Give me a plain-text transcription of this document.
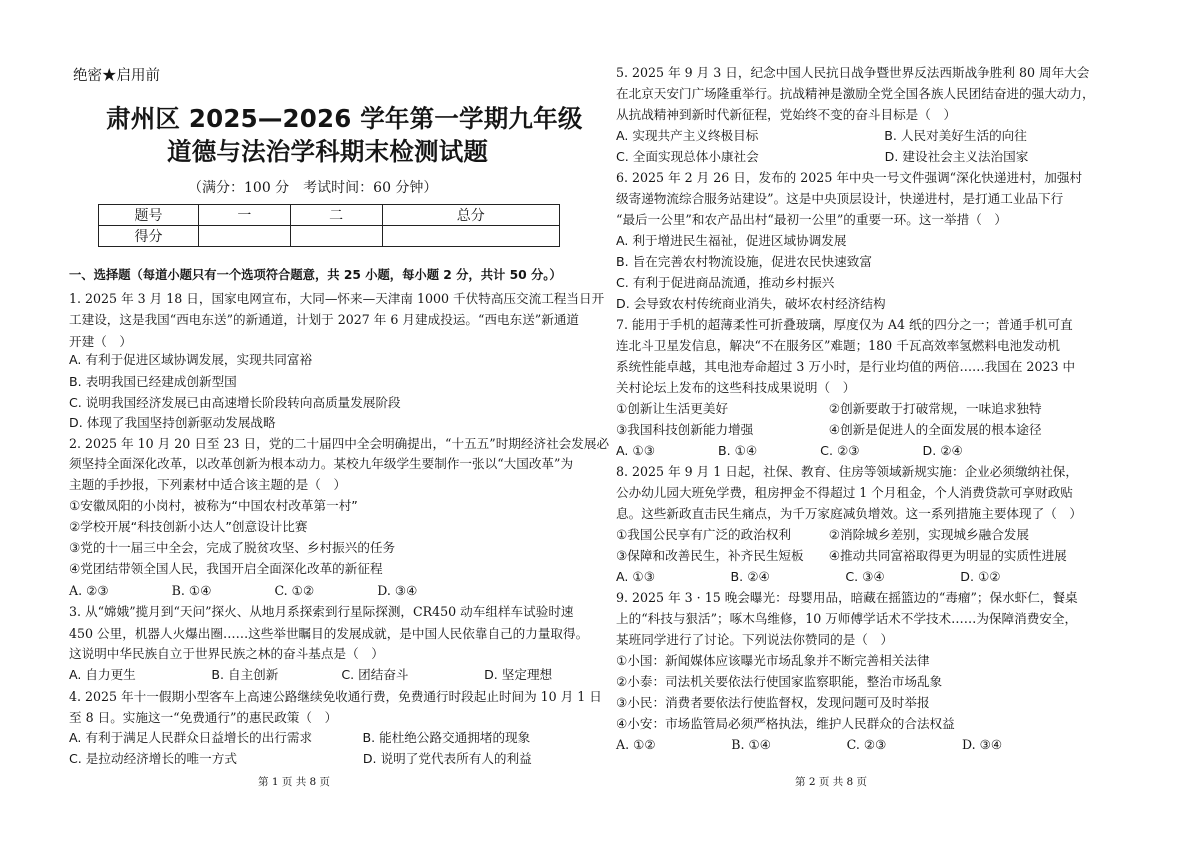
绝密★启用前
肃州区 2025—2026 学年第一学期九年级
道德与法治学科期末检测试题
（满分：100 分　考试时间：60 分钟）
题号	一	二	总分
得分			
一、选择题（每道小题只有一个选项符合题意，共 25 小题，每小题 2 分，共计 50 分。）
1. 2025 年 3 月 18 日，国家电网宣布，大同—怀来—天津南 1000 千伏特高压交流工程当日开
工建设，这是我国“西电东送”的新通道，计划于 2027 年 6 月建成投运。“西电东送”新通道
开建（　）
A. 有利于促进区域协调发展，实现共同富裕
B. 表明我国已经建成创新型国
C. 说明我国经济发展已由高速增长阶段转向高质量发展阶段
D. 体现了我国坚持创新驱动发展战略
2. 2025 年 10 月 20 日至 23 日，党的二十届四中全会明确提出，“十五五”时期经济社会发展必
须坚持全面深化改革，以改革创新为根本动力。某校九年级学生要制作一张以“大国改革”为
主题的手抄报，下列素材中适合该主题的是（　）
①安徽凤阳的小岗村，被称为“中国农村改革第一村”
②学校开展“科技创新小达人”创意设计比赛
③党的十一届三中全会，完成了脱贫攻坚、乡村振兴的任务
④党团结带领全国人民，我国开启全面深化改革的新征程
A. ②③　　　　　B. ①④　　　　　C. ①②　　　　　D. ③④
3. 从“嫦娥”揽月到“天问”探火、从地月系探索到行星际探测，CR450 动车组样车试验时速
450 公里，机器人火爆出圈……这些举世瞩目的发展成就，是中国人民依靠自己的力量取得。
这说明中华民族自立于世界民族之林的奋斗基点是（　）
A. 自力更生　　　　　　B. 自主创新　　　　　C. 团结奋斗　　　　　　D. 坚定理想
4. 2025 年十一假期小型客车上高速公路继续免收通行费，免费通行时段起止时间为 10 月 1 日
至 8 日。实施这一“免费通行”的惠民政策（　）
A. 有利于满足人民群众日益增长的出行需求　　　　B. 能杜绝公路交通拥堵的现象
C. 是拉动经济增长的唯一方式　　　　　　　　　　D. 说明了党代表所有人的利益
第 1 页 共 8 页
5. 2025 年 9 月 3 日，纪念中国人民抗日战争暨世界反法西斯战争胜利 80 周年大会
在北京天安门广场隆重举行。抗战精神是激励全党全国各族人民团结奋进的强大动力，
从抗战精神到新时代新征程，党始终不变的奋斗目标是（　）
A. 实现共产主义终极目标　　　　　　　　　　B. 人民对美好生活的向往
C. 全面实现总体小康社会　　　　　　　　　　D. 建设社会主义法治国家
6. 2025 年 2 月 26 日，发布的 2025 年中央一号文件强调“深化快递进村，加强村
级寄递物流综合服务站建设”。这是中央顶层设计，快递进村，是打通工业品下行
“最后一公里”和农产品出村“最初一公里”的重要一环。这一举措（　）
A. 利于增进民生福祉，促进区域协调发展
B. 旨在完善农村物流设施，促进农民快速致富
C. 有利于促进商品流通，推动乡村振兴
D. 会导致农村传统商业消失，破坏农村经济结构
7. 能用于手机的超薄柔性可折叠玻璃，厚度仅为 A4 纸的四分之一；普通手机可直
连北斗卫星发信息，解决“不在服务区”难题；180 千瓦高效率氢燃料电池发动机
系统性能卓越，其电池寿命超过 3 万小时，是行业均值的两倍……我国在 2023 中
关村论坛上发布的这些科技成果说明（　）
①创新让生活更美好　　　　　　　　②创新要敢于打破常规，一味追求独特
③我国科技创新能力增强　　　　　　④创新是促进人的全面发展的根本途径
A. ①③　　　　　B. ①④　　　　　C. ②③　　　　　D. ②④
8. 2025 年 9 月 1 日起，社保、教育、住房等领域新规实施：企业必须缴纳社保，
公办幼儿园大班免学费，租房押金不得超过 1 个月租金，个人消费贷款可享财政贴
息。这些新政直击民生痛点，为千万家庭减负增效。这一系列措施主要体现了（　）
①我国公民享有广泛的政治权利　　　②消除城乡差别，实现城乡融合发展
③保障和改善民生，补齐民生短板　　④推动共同富裕取得更为明显的实质性进展
A. ①③　　　　　　B. ②④　　　　　　C. ③④　　　　　　D. ①②
9. 2025 年 3 · 15 晚会曝光：母婴用品，暗藏在摇篮边的“毒瘤”；保水虾仁，餐桌
上的“科技与狠活”；啄木鸟维修，10 万师傅学话术不学技术……为保障消费安全，
某班同学进行了讨论。下列说法你赞同的是（　）
①小国：新闻媒体应该曝光市场乱象并不断完善相关法律
②小泰：司法机关要依法行使国家监察职能，整治市场乱象
③小民：消费者要依法行使监督权，发现问题可及时举报
④小安：市场监管局必须严格执法，维护人民群众的合法权益
A. ①②　　　　　　B. ①④　　　　　　C. ②③　　　　　　D. ③④
第 2 页 共 8 页
